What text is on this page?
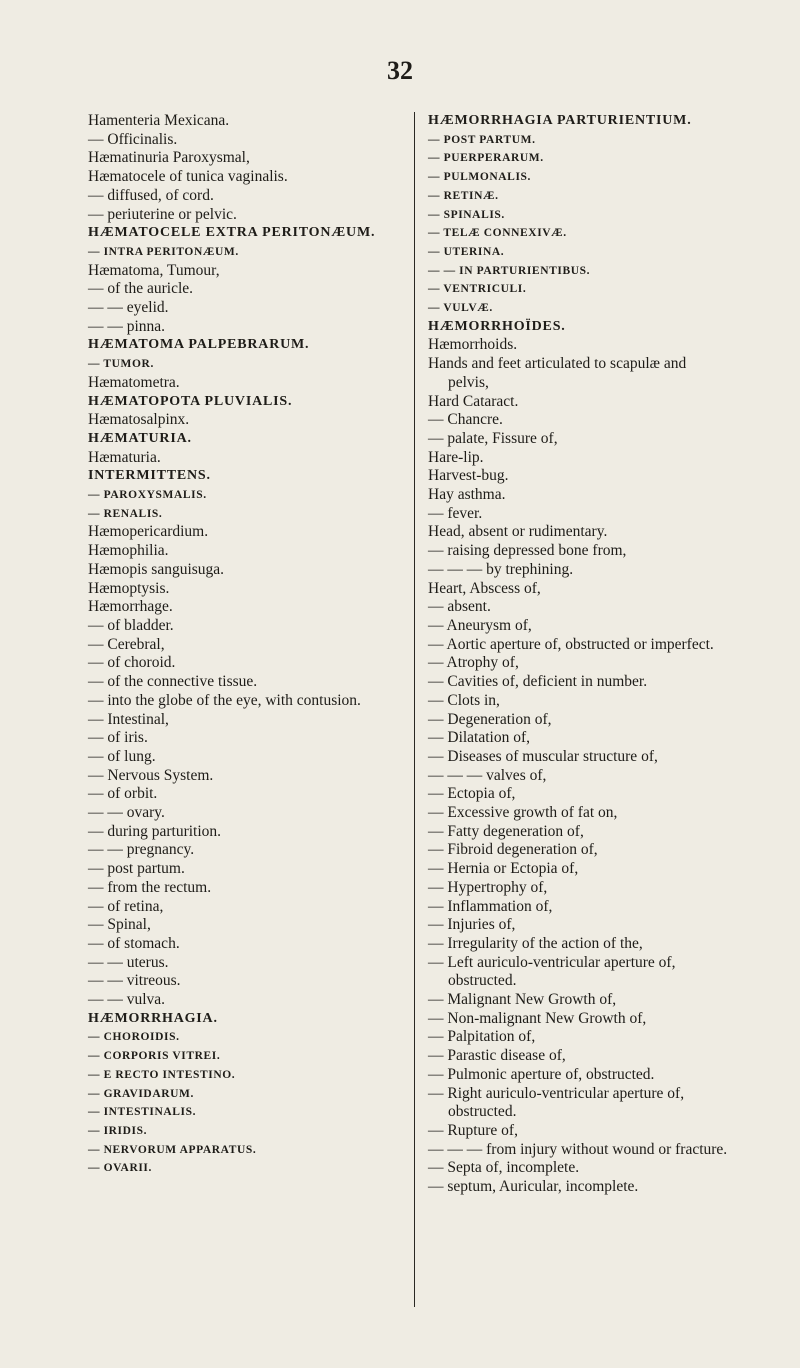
32
Hamenteria Mexicana.
— Officinalis.
Hæmatinuria Paroxysmal,
Hæmatocele of tunica vaginalis.
— diffused, of cord.
— periuterine or pelvic.
HÆMATOCELE EXTRA PERITONÆUM.
— INTRA PERITONÆUM.
Hæmatoma, Tumour,
— of the auricle.
— — eyelid.
— — pinna.
HÆMATOMA PALPEBRARUM.
— TUMOR.
Hæmatometra.
HÆMATOPOTA PLUVIALIS.
Hæmatosalpinx.
HÆMATURIA.
Hæmaturia.
INTERMITTENS.
— PAROXYSMALIS.
— RENALIS.
Hæmopericardium.
Hæmophilia.
Hæmopis sanguisuga.
Hæmoptysis.
Hæmorrhage.
— of bladder.
— Cerebral,
— of choroid.
— of the connective tissue.
— into the globe of the eye, with contusion.
— Intestinal,
— of iris.
— of lung.
— Nervous System.
— of orbit.
— — ovary.
— during parturition.
— — pregnancy.
— post partum.
— from the rectum.
— of retina,
— Spinal,
— of stomach.
— — uterus.
— — vitreous.
— — vulva.
HÆMORRHAGIA.
— CHOROIDIS.
— CORPORIS VITREI.
— E RECTO INTESTINO.
— GRAVIDARUM.
— INTESTINALIS.
— IRIDIS.
— NERVORUM APPARATUS.
— OVARII.
HÆMORRHAGIA PARTURIENTIUM.
— POST PARTUM.
— PUERPERARUM.
— PULMONALIS.
— RETINÆ.
— SPINALIS.
— TELÆ CONNEXIVÆ.
— UTERINA.
— — IN PARTURIENTIBUS.
— VENTRICULI.
— VULVÆ.
HÆMORRHOÏDES.
Hæmorrhoids.
Hands and feet articulated to scapulæ and pelvis,
Hard Cataract.
— Chancre.
— palate, Fissure of,
Hare-lip.
Harvest-bug.
Hay asthma.
— fever.
Head, absent or rudimentary.
— raising depressed bone from,
— — — by trephining.
Heart, Abscess of,
— absent.
— Aneurysm of,
— Aortic aperture of, obstructed or imperfect.
— Atrophy of,
— Cavities of, deficient in number.
— Clots in,
— Degeneration of,
— Dilatation of,
— Diseases of muscular structure of,
— — — valves of,
— Ectopia of,
— Excessive growth of fat on,
— Fatty degeneration of,
— Fibroid degeneration of,
— Hernia or Ectopia of,
— Hypertrophy of,
— Inflammation of,
— Injuries of,
— Irregularity of the action of the,
— Left auriculo-ventricular aperture of, obstructed.
— Malignant New Growth of,
— Non-malignant New Growth of,
— Palpitation of,
— Parastic disease of,
— Pulmonic aperture of, obstructed.
— Right auriculo-ventricular aperture of, obstructed.
— Rupture of,
— — — from injury without wound or fracture.
— Septa of, incomplete.
— septum, Auricular, incomplete.
